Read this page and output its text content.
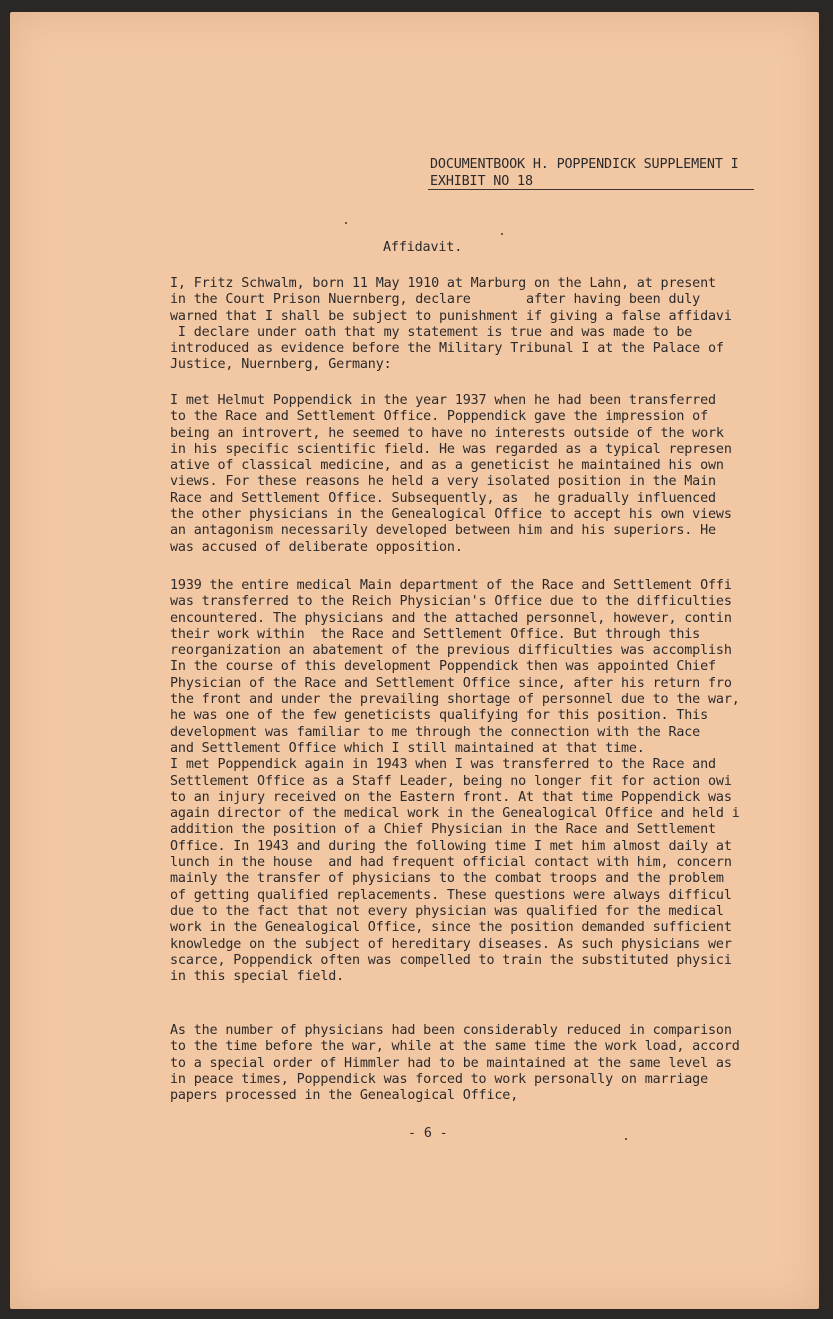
DOCUMENTBOOK H. POPPENDICK SUPPLEMENT I
EXHIBIT NO 18
Affidavit.
I, Fritz Schwalm, born 11 May 1910 at Marburg on the Lahn, at present
in the Court Prison Nuernberg, declare       after having been duly
warned that I shall be subject to punishment if giving a false affidavi
I declare under oath that my statement is true and was made to be
introduced as evidence before the Military Tribunal I at the Palace of
Justice, Nuernberg, Germany:
I met Helmut Poppendick in the year 1937 when he had been transferred
to the Race and Settlement Office. Poppendick gave the impression of
being an introvert, he seemed to have no interests outside of the work
in his specific scientific field. He was regarded as a typical represen
ative of classical medicine, and as a geneticist he maintained his own
views. For these reasons he held a very isolated position in the Main
Race and Settlement Office. Subsequently, as  he gradually influenced
the other physicians in the Genealogical Office to accept his own views
an antagonism necessarily developed between him and his superiors. He
was accused of deliberate opposition.
1939 the entire medical Main department of the Race and Settlement Offi
was transferred to the Reich Physician's Office due to the difficulties
encountered. The physicians and the attached personnel, however, contin
their work within  the Race and Settlement Office. But through this
reorganization an abatement of the previous difficulties was accomplish
In the course of this development Poppendick then was appointed Chief
Physician of the Race and Settlement Office since, after his return fro
the front and under the prevailing shortage of personnel due to the war,
he was one of the few geneticists qualifying for this position. This
development was familiar to me through the connection with the Race
and Settlement Office which I still maintained at that time.
I met Poppendick again in 1943 when I was transferred to the Race and
Settlement Office as a Staff Leader, being no longer fit for action owi
to an injury received on the Eastern front. At that time Poppendick was
again director of the medical work in the Genealogical Office and held i
addition the position of a Chief Physician in the Race and Settlement
Office. In 1943 and during the following time I met him almost daily at
lunch in the house  and had frequent official contact with him, concern
mainly the transfer of physicians to the combat troops and the problem
of getting qualified replacements. These questions were always difficul
due to the fact that not every physician was qualified for the medical
work in the Genealogical Office, since the position demanded sufficient
knowledge on the subject of hereditary diseases. As such physicians wer
scarce, Poppendick often was compelled to train the substituted physici
in this special field.
As the number of physicians had been considerably reduced in comparison
to the time before the war, while at the same time the work load, accord
to a special order of Himmler had to be maintained at the same level as
in peace times, Poppendick was forced to work personally on marriage
papers processed in the Genealogical Office,
- 6 -
